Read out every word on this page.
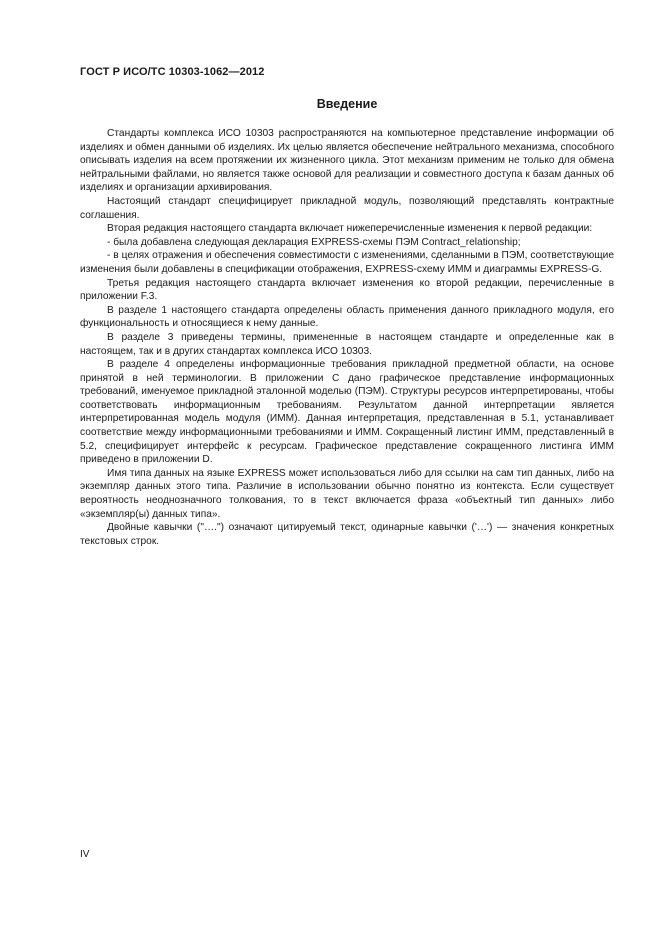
ГОСТ Р ИСО/ТС 10303-1062—2012
Введение

Стандарты комплекса ИСО 10303 распространяются на компьютерное представление информации об изделиях и обмен данными об изделиях. Их целью является обеспечение нейтрального механизма, способного описывать изделия на всем протяжении их жизненного цикла. Этот механизм применим не только для обмена нейтральными файлами, но является также основой для реализации и совместного доступа к базам данных об изделиях и организации архивирования.

Настоящий стандарт специфицирует прикладной модуль, позволяющий представлять контрактные соглашения.

Вторая редакция настоящего стандарта включает нижеперечисленные изменения к первой редакции:

- была добавлена следующая декларация EXPRESS-схемы ПЭМ Contract_relationship;

- в целях отражения и обеспечения совместимости с изменениями, сделанными в ПЭМ, соответствующие изменения были добавлены в спецификации отображения, EXPRESS-схему ИММ и диаграммы EXPRESS-G.

Третья редакция настоящего стандарта включает изменения ко второй редакции, перечисленные в приложении F.3.

В разделе 1 настоящего стандарта определены область применения данного прикладного модуля, его функциональность и относящиеся к нему данные.

В разделе 3 приведены термины, примененные в настоящем стандарте и определенные как в настоящем, так и в других стандартах комплекса ИСО 10303.

В разделе 4 определены информационные требования прикладной предметной области, на основе принятой в ней терминологии. В приложении С дано графическое представление информационных требований, именуемое прикладной эталонной моделью (ПЭМ). Структуры ресурсов интерпретированы, чтобы соответствовать информационным требованиям. Результатом данной интерпретации является интерпретированная модель модуля (ИММ). Данная интерпретация, представленная в 5.1, устанавливает соответствие между информационными требованиями и ИММ. Сокращенный листинг ИММ, представленный в 5.2, специфицирует интерфейс к ресурсам. Графическое представление сокращенного листинга ИММ приведено в приложении D.

Имя типа данных на языке EXPRESS может использоваться либо для ссылки на сам тип данных, либо на экземпляр данных этого типа. Различие в использовании обычно понятно из контекста. Если существует вероятность неоднозначного толкования, то в текст включается фраза «объектный тип данных» либо «экземпляр(ы) данных типа».

Двойные кавычки ("….") означают цитируемый текст, одинарные кавычки ('…') — значения конкретных текстовых строк.

IV
